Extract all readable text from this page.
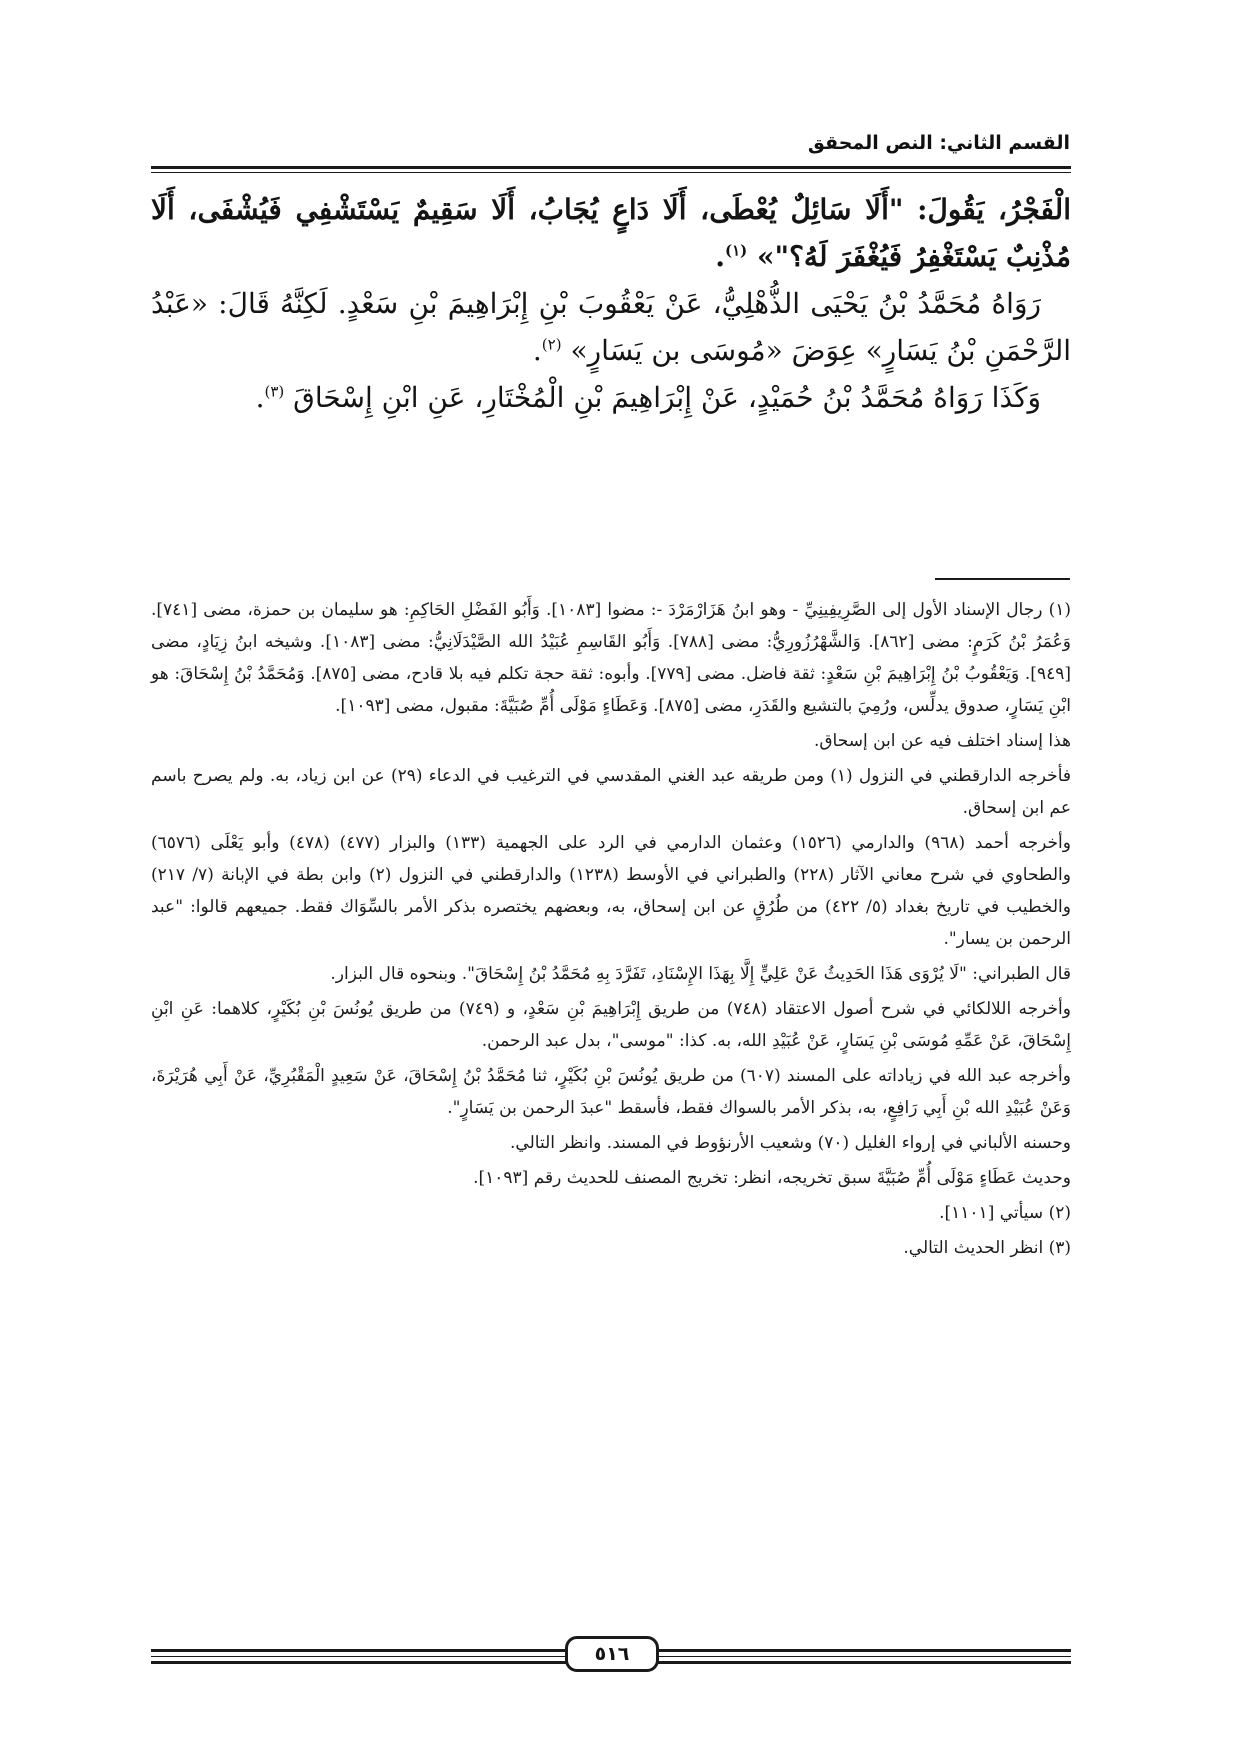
القسم الثاني: النص المحقق

الْفَجْرُ، يَقُولَ: "أَلَا سَائِلٌ يُعْطَى، أَلَا دَاعٍ يُجَابُ، أَلَا سَقِيمٌ يَسْتَشْفِي فَيُشْفَى، أَلَا مُذْنِبٌ يَسْتَغْفِرُ فَيُغْفَرَ لَهُ؟"» $^{(١)}$.

رَوَاهُ مُحَمَّدُ بْنُ يَحْيَى الذُّهْلِيُّ، عَنْ يَعْقُوبَ بْنِ إِبْرَاهِيمَ بْنِ سَعْدٍ. لَكِنَّهُ قَالَ: «عَبْدُ الرَّحْمَنِ بْنُ يَسَارٍ» عِوَضَ «مُوسَى بن يَسَارٍ» $^{(٢)}$.

وَكَذَا رَوَاهُ مُحَمَّدُ بْنُ حُمَيْدٍ، عَنْ إِبْرَاهِيمَ بْنِ الْمُخْتَارِ، عَنِ ابْنِ إِسْحَاقَ $^{(٣)}$.

(١) رجال الإسناد الأول إلى الصَّرِيفِينِيِّ - وهو ابنُ هَزَارْمَرْدَ -: مضوا [١٠٨٣]. وَأَبُو الفَضْلِ الحَاكِمِ: هو سليمان بن حمزة، مضى [٧٤١]. وَعُمَرُ بْنُ كَرَمٍ: مضى [٨٦٢]. وَالشَّهْرُزُورِيُّ: مضى [٧٨٨]. وَأَبُو القَاسِمِ عُبَيْدُ الله الصَّيْدَلَانِيُّ: مضى [١٠٨٣]. وشيخه ابنُ زِيَادٍ، مضى [٩٤٩]. وَيَعْقُوبُ بْنُ إِبْرَاهِيمَ بْنِ سَعْدٍ: ثقة فاضل. مضى [٧٧٩]. وأبوه: ثقة حجة تكلم فيه بلا قادح، مضى [٨٧٥]. وَمُحَمَّدُ بْنُ إِسْحَاقَ: هو ابْنِ يَسَارٍ، صدوق يدلِّس، ورُمِيَ بالتشيع والقَدَرِ، مضى [٨٧٥]. وَعَطَاءٍ مَوْلَى أُمِّ صُبَيَّةَ: مقبول، مضى [١٠٩٣].

هذا إسناد اختلف فيه عن ابن إسحاق.

فأخرجه الدارقطني في النزول (١) ومن طريقه عبد الغني المقدسي في الترغيب في الدعاء (٢٩) عن ابن زياد، به. ولم يصرح باسم عم ابن إسحاق.

وأخرجه أحمد (٩٦٨) والدارمي (١٥٢٦) وعثمان الدارمي في الرد على الجهمية (١٣٣) والبزار (٤٧٧) (٤٧٨) وأبو يَعْلَى (٦٥٧٦) والطحاوي في شرح معاني الآثار (٢٢٨) والطبراني في الأوسط (١٢٣٨) والدارقطني في النزول (٢) وابن بطة في الإبانة (٧/ ٢١٧) والخطيب في تاريخ بغداد (٥/ ٤٢٢) من طُرُقٍ عن ابن إسحاق، به، وبعضهم يختصره بذكر الأمر بالسِّوَاك فقط. جميعهم قالوا: "عبد الرحمن بن يسار".

قال الطبراني: "لَا يُرْوَى هَذَا الحَدِيثُ عَنْ عَلِيٍّ إِلَّا بِهَذَا الإِسْنَادِ، تَفَرَّدَ بِهِ مُحَمَّدُ بْنُ إِسْحَاقَ". وبنحوه قال البزار.

وأخرجه اللالكائي في شرح أصول الاعتقاد (٧٤٨) من طريق إِبْرَاهِيمَ بْنِ سَعْدٍ، و (٧٤٩) من طريق يُونُسَ بْنِ بُكَيْرٍ، كلاهما: عَنِ ابْنِ إِسْحَاقَ، عَنْ عَمِّهِ مُوسَى بْنِ يَسَارٍ، عَنْ عُبَيْدِ الله، به. كذا: "موسى"، بدل عبد الرحمن.

وأخرجه عبد الله في زياداته على المسند (٦٠٧) من طريق يُونُسَ بْنِ بُكَيْرٍ، ثنا مُحَمَّدُ بْنُ إِسْحَاقَ، عَنْ سَعِيدٍ الْمَقْبُرِيِّ، عَنْ أَبِي هُرَيْرَةَ، وَعَنْ عُبَيْدِ الله بْنِ أَبِي رَافِعٍ، به، بذكر الأمر بالسواك فقط، فأسقط "عبدَ الرحمن بن يَسَارٍ".

وحسنه الألباني في إرواء الغليل (٧٠) وشعيب الأرنؤوط في المسند. وانظر التالي.

وحديث عَطَاءٍ مَوْلَى أُمِّ صُبَيَّةَ سبق تخريجه، انظر: تخريج المصنف للحديث رقم [١٠٩٣].

(٢) سيأتي [١١٠١].

(٣) انظر الحديث التالي.

٥١٦
